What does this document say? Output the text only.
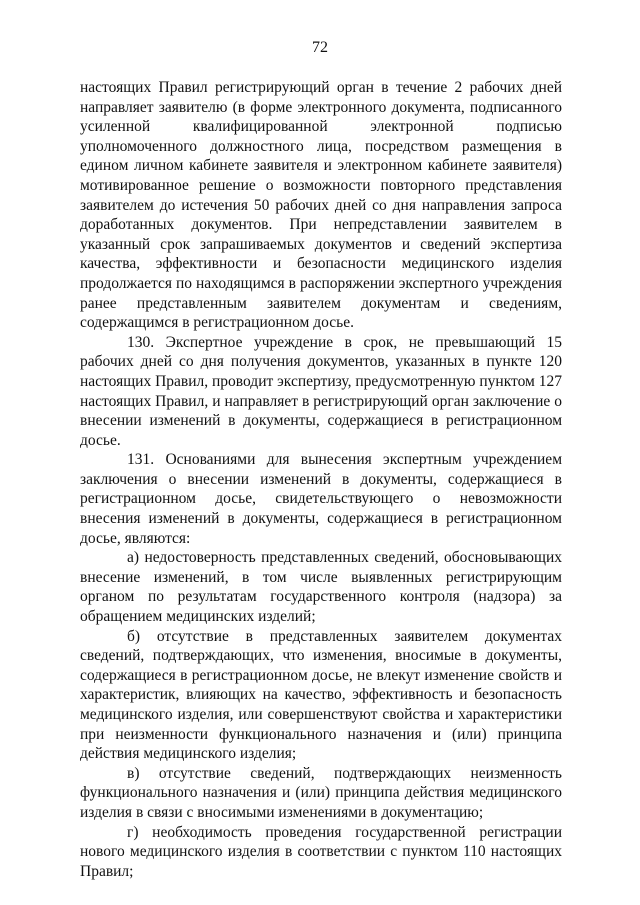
72

настоящих Правил регистрирующий орган в течение 2 рабочих дней направляет заявителю (в форме электронного документа, подписанного усиленной квалифицированной электронной подписью уполномоченного должностного лица, посредством размещения в едином личном кабинете заявителя и электронном кабинете заявителя) мотивированное решение о возможности повторного представления заявителем до истечения 50 рабочих дней со дня направления запроса доработанных документов. При непредставлении заявителем в указанный срок запрашиваемых документов и сведений экспертиза качества, эффективности и безопасности медицинского изделия продолжается по находящимся в распоряжении экспертного учреждения ранее представленным заявителем документам и сведениям, содержащимся в регистрационном досье.

130. Экспертное учреждение в срок, не превышающий 15 рабочих дней со дня получения документов, указанных в пункте 120 настоящих Правил, проводит экспертизу, предусмотренную пунктом 127 настоящих Правил, и направляет в регистрирующий орган заключение о внесении изменений в документы, содержащиеся в регистрационном досье.

131. Основаниями для вынесения экспертным учреждением заключения о внесении изменений в документы, содержащиеся в регистрационном досье, свидетельствующего о невозможности внесения изменений в документы, содержащиеся в регистрационном досье, являются:

а) недостоверность представленных сведений, обосновывающих внесение изменений, в том числе выявленных регистрирующим органом по результатам государственного контроля (надзора) за обращением медицинских изделий;

б) отсутствие в представленных заявителем документах сведений, подтверждающих, что изменения, вносимые в документы, содержащиеся в регистрационном досье, не влекут изменение свойств и характеристик, влияющих на качество, эффективность и безопасность медицинского изделия, или совершенствуют свойства и характеристики при неизменности функционального назначения и (или) принципа действия медицинского изделия;

в) отсутствие сведений, подтверждающих неизменность функционального назначения и (или) принципа действия медицинского изделия в связи с вносимыми изменениями в документацию;

г) необходимость проведения государственной регистрации нового медицинского изделия в соответствии с пунктом 110 настоящих Правил;
